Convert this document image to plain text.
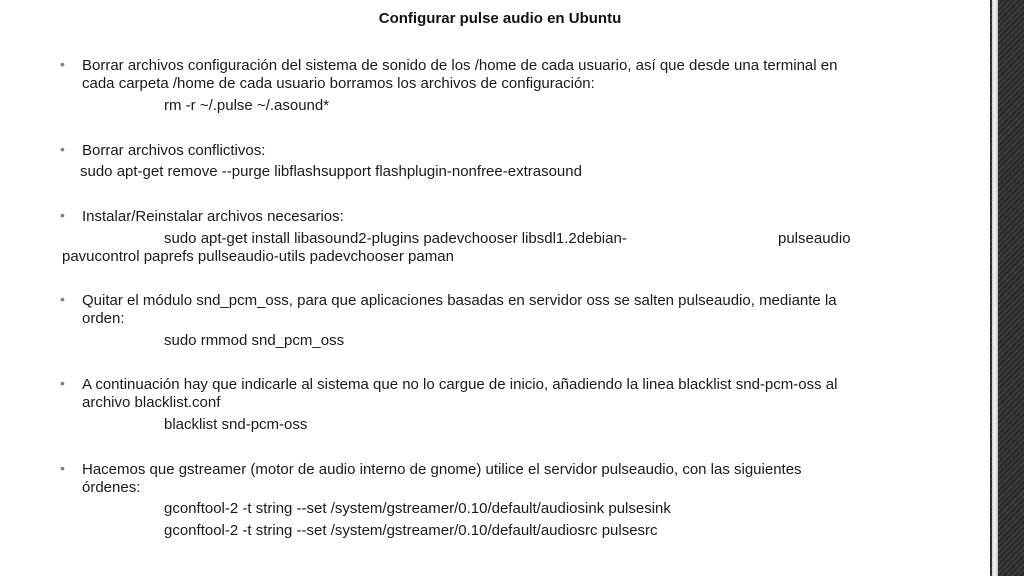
Configurar pulse audio en Ubuntu
• Borrar archivos configuración del sistema de sonido de los /home de cada usuario, así que desde una terminal en
cada carpeta /home de cada usuario borramos los archivos de configuración:
rm -r ~/.pulse ~/.asound*
• Borrar archivos conflictivos:
sudo apt-get remove --purge libflashsupport flashplugin-nonfree-extrasound
• Instalar/Reinstalar archivos necesarios:
sudo apt-get install libasound2-plugins padevchooser libsdl1.2debian-	pulseaudio
pavucontrol paprefs pullseaudio-utils padevchooser paman
• Quitar el módulo snd_pcm_oss, para que aplicaciones basadas en servidor oss se salten pulseaudio, mediante la
orden:
sudo rmmod snd_pcm_oss
• A continuación hay que indicarle al sistema que no lo cargue de inicio, añadiendo la linea blacklist snd-pcm-oss al
archivo blacklist.conf
blacklist snd-pcm-oss
• Hacemos que gstreamer (motor de audio interno de gnome) utilice el servidor pulseaudio, con las siguientes
órdenes:
gconftool-2 -t string --set /system/gstreamer/0.10/default/audiosink pulsesink
gconftool-2 -t string --set /system/gstreamer/0.10/default/audiosrc pulsesrc
